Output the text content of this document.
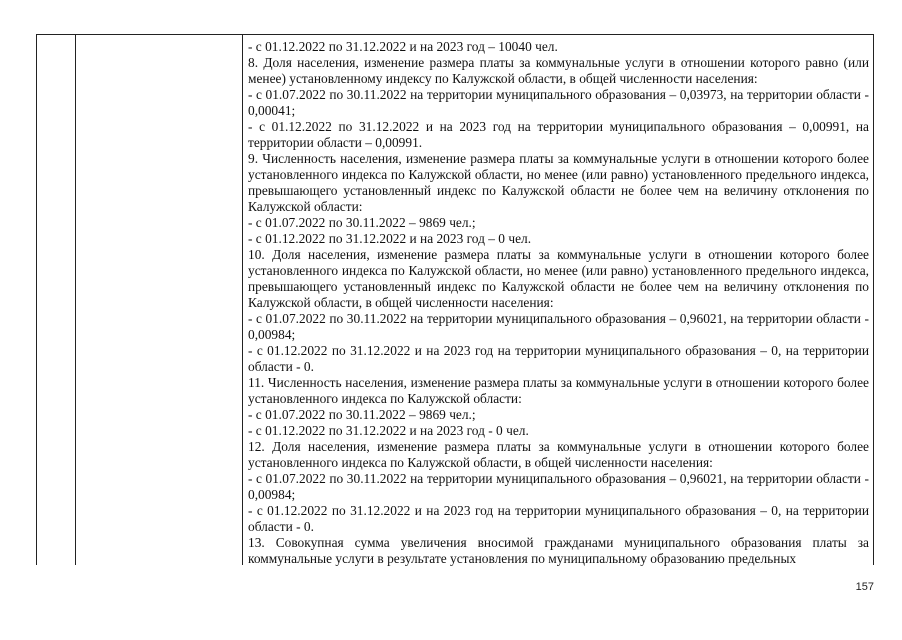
- с 01.12.2022 по 31.12.2022 и на 2023 год – 10040 чел.

8. Доля населения, изменение размера платы за коммунальные услуги в отношении которого равно (или менее) установленному индексу по Калужской области, в общей численности населения:

- с 01.07.2022 по 30.11.2022 на территории муниципального образования – 0,03973, на территории области - 0,00041;

- с 01.12.2022 по 31.12.2022 и на 2023 год на территории муниципального образования – 0,00991, на территории области – 0,00991.

9. Численность населения, изменение размера платы за коммунальные услуги в отношении которого более установленного индекса по Калужской области, но менее (или равно) установленного предельного индекса, превышающего установленный индекс по Калужской области не более чем на величину отклонения по Калужской области:

- с 01.07.2022 по 30.11.2022 – 9869 чел.;

- с 01.12.2022 по 31.12.2022 и на 2023 год – 0 чел.

10. Доля населения, изменение размера платы за коммунальные услуги в отношении которого более установленного индекса по Калужской области, но менее (или равно) установленного предельного индекса, превышающего установленный индекс по Калужской области не более чем на величину отклонения по Калужской области, в общей численности населения:

- с 01.07.2022 по 30.11.2022 на территории муниципального образования – 0,96021, на территории области - 0,00984;

- с 01.12.2022 по 31.12.2022 и на 2023 год на территории муниципального образования – 0, на территории области - 0.

11. Численность населения, изменение размера платы за коммунальные услуги в отношении которого более установленного индекса по Калужской области:

- с 01.07.2022 по 30.11.2022 – 9869 чел.;

- с 01.12.2022 по 31.12.2022 и на 2023 год - 0 чел.

12. Доля населения, изменение размера платы за коммунальные услуги в отношении которого более установленного индекса по Калужской области, в общей численности населения:

- с 01.07.2022 по 30.11.2022 на территории муниципального образования – 0,96021, на территории области - 0,00984;

- с 01.12.2022 по 31.12.2022 и на 2023 год на территории муниципального образования – 0, на территории области - 0.

13. Совокупная сумма увеличения вносимой гражданами муниципального образования платы за коммунальные услуги в результате установления по муниципальному образованию предельных

157
